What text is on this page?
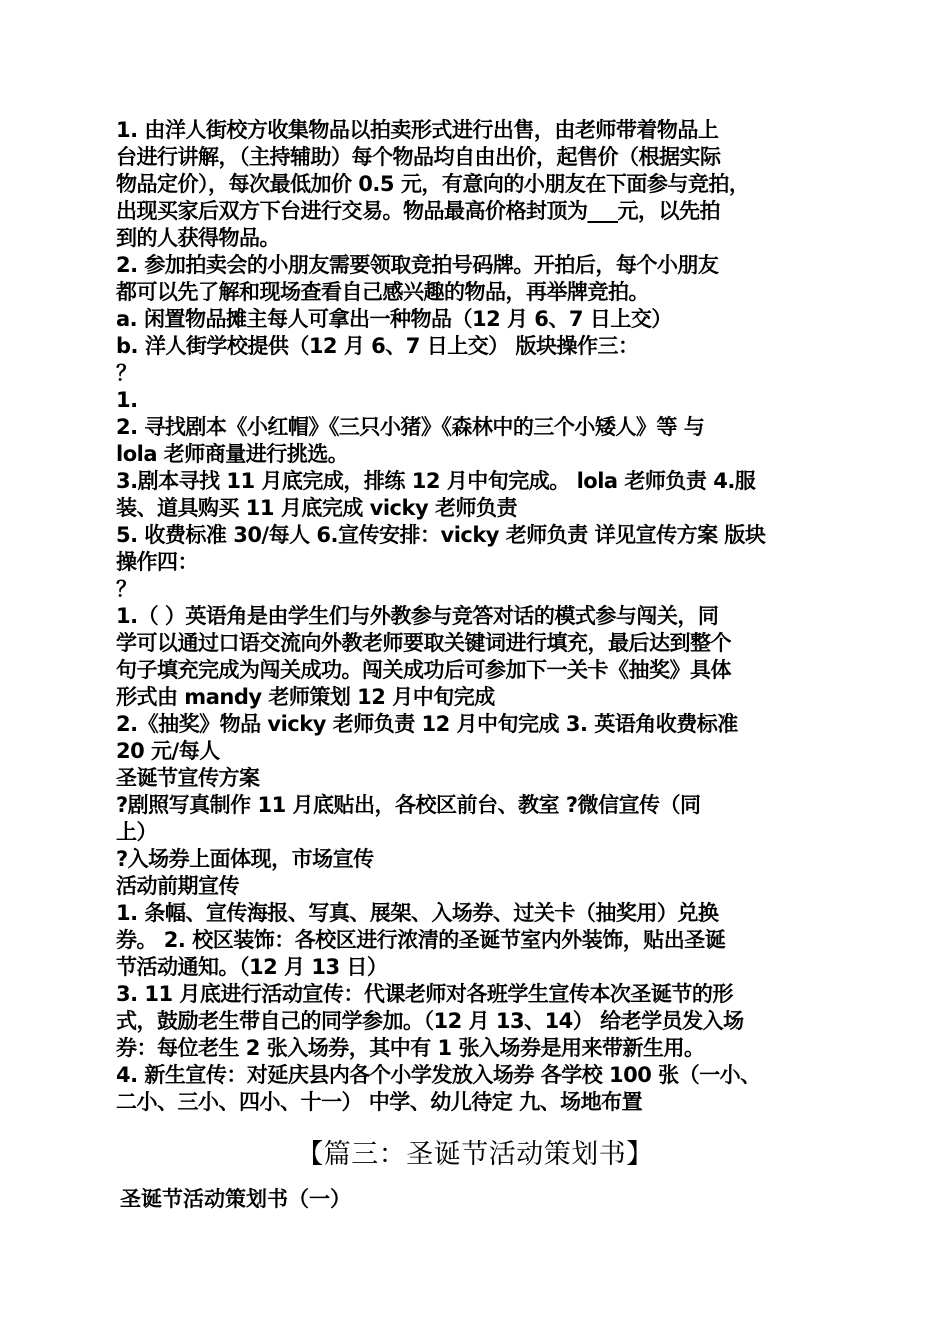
1. 由洋人街校方收集物品以拍卖形式进行出售，由老师带着物品上
台进行讲解，（主持辅助）每个物品均自由出价，起售价（根据实际
物品定价），每次最低加价 0.5 元，有意向的小朋友在下面参与竞拍，
出现买家后双方下台进行交易。物品最高价格封顶为___元，以先拍
到的人获得物品。
2. 参加拍卖会的小朋友需要领取竞拍号码牌。开拍后，每个小朋友
都可以先了解和现场查看自己感兴趣的物品，再举牌竞拍。
a. 闲置物品摊主每人可拿出一种物品（12 月 6、7 日上交）
b. 洋人街学校提供（12 月 6、7 日上交） 版块操作三：
？
1.
2. 寻找剧本《小红帽》《三只小猪》《森林中的三个小矮人》等 与
lola 老师商量进行挑选。
3.剧本寻找 11 月底完成，排练 12 月中旬完成。 lola 老师负责 4.服
装、道具购买 11 月底完成 vicky 老师负责
5. 收费标准 30/每人 6.宣传安排：vicky 老师负责 详见宣传方案 版块
操作四：
？
1.（ ）英语角是由学生们与外教参与竞答对话的模式参与闯关，同
学可以通过口语交流向外教老师要取关键词进行填充，最后达到整个
句子填充完成为闯关成功。闯关成功后可参加下一关卡《抽奖》具体
形式由 mandy 老师策划 12 月中旬完成
2.《抽奖》物品 vicky 老师负责 12 月中旬完成 3. 英语角收费标准
20 元/每人
圣诞节宣传方案
?剧照写真制作 11 月底贴出，各校区前台、教室 ?微信宣传（同
上）
?入场券上面体现，市场宣传
活动前期宣传
1. 条幅、宣传海报、写真、展架、入场券、过关卡（抽奖用）兑换
券。 2. 校区装饰：各校区进行浓清的圣诞节室内外装饰，贴出圣诞
节活动通知。（12 月 13 日）
3. 11 月底进行活动宣传：代课老师对各班学生宣传本次圣诞节的形
式，鼓励老生带自己的同学参加。（12 月 13、14） 给老学员发入场
券：每位老生 2 张入场券，其中有 1 张入场券是用来带新生用。
4. 新生宣传：对延庆县内各个小学发放入场券 各学校 100 张（一小、
二小、三小、四小、十一） 中学、幼儿待定 九、场地布置
【篇三：圣诞节活动策划书】
圣诞节活动策划书（一）
